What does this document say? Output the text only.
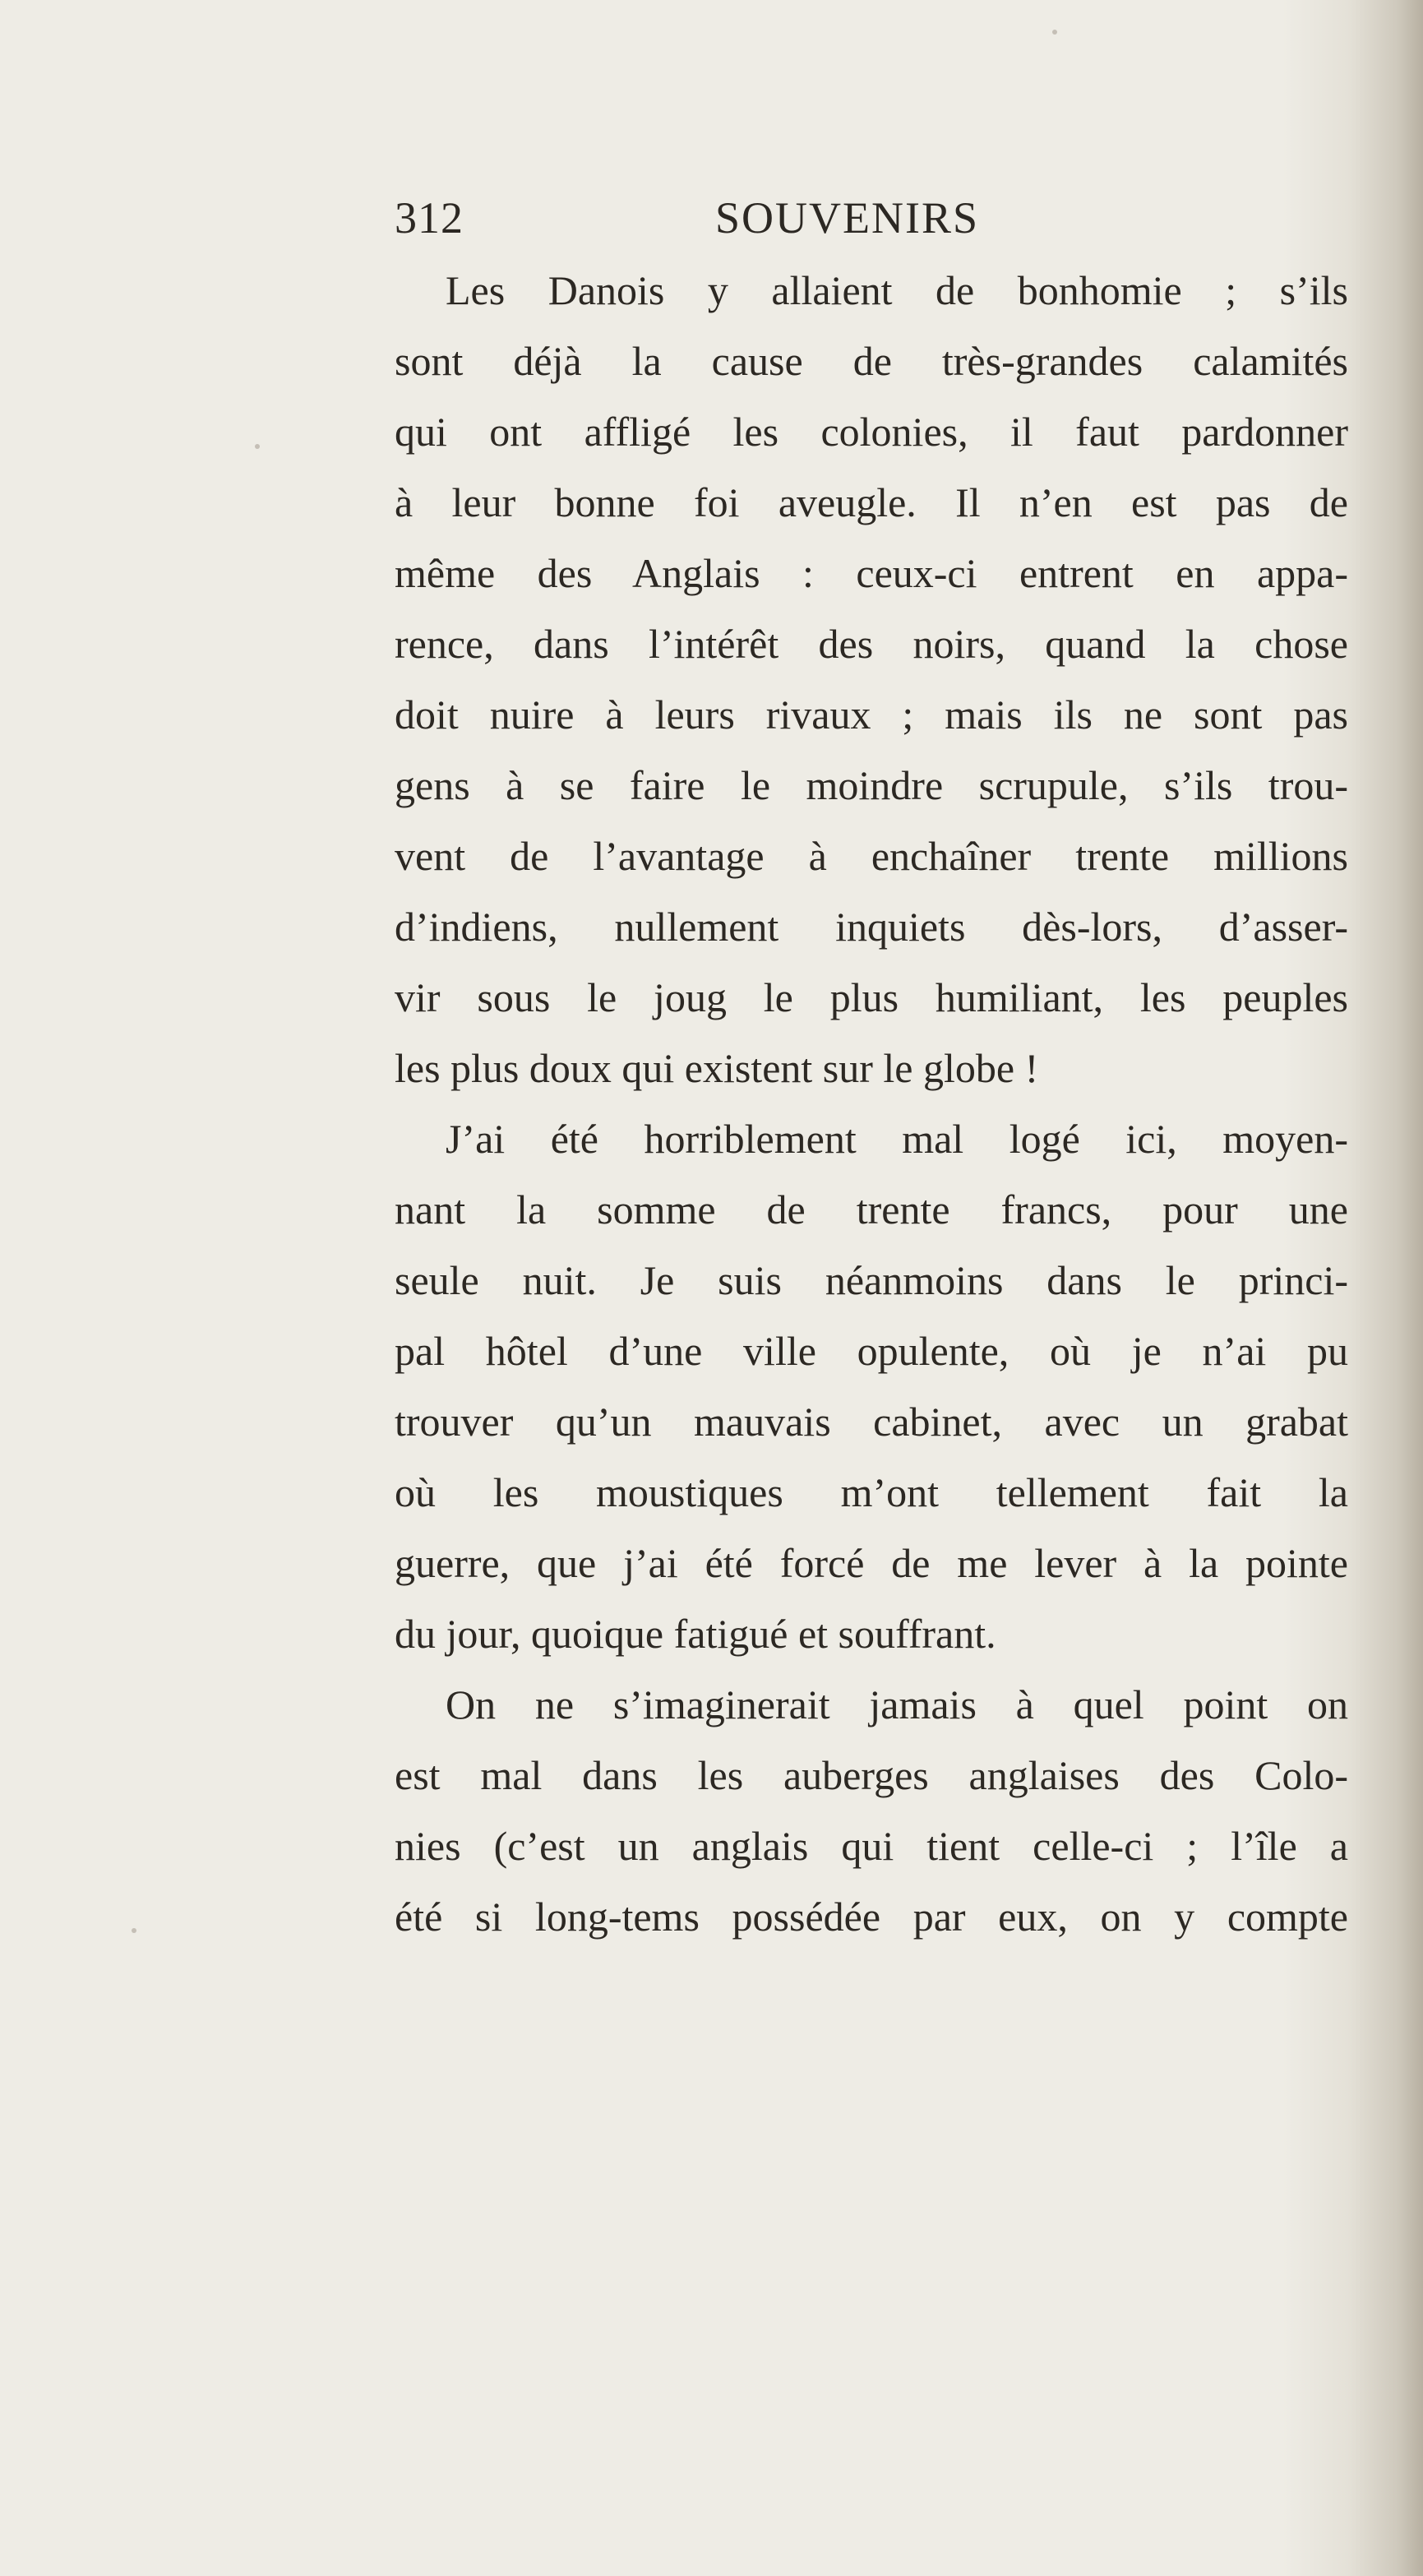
312	SOUVENIRS
Les Danois y allaient de bonhomie ; s’ils
sont déjà la cause de très-grandes calamités
qui ont affligé les colonies, il faut pardonner
à leur bonne foi aveugle. Il n’en est pas de
même des Anglais : ceux-ci entrent en appa-
rence, dans l’intérêt des noirs, quand la chose
doit nuire à leurs rivaux ; mais ils ne sont pas
gens à se faire le moindre scrupule, s’ils trou-
vent de l’avantage à enchaîner trente millions
d’indiens, nullement inquiets dès-lors, d’asser-
vir sous le joug le plus humiliant, les peuples
les plus doux qui existent sur le globe !
J’ai été horriblement mal logé ici, moyen-
nant la somme de trente francs, pour une
seule nuit. Je suis néanmoins dans le princi-
pal hôtel d’une ville opulente, où je n’ai pu
trouver qu’un mauvais cabinet, avec un grabat
où les moustiques m’ont tellement fait la
guerre, que j’ai été forcé de me lever à la pointe
du jour, quoique fatigué et souffrant.
On ne s’imaginerait jamais à quel point on
est mal dans les auberges anglaises des Colo-
nies (c’est un anglais qui tient celle-ci ; l’île a
été si long-tems possédée par eux, on y compte
